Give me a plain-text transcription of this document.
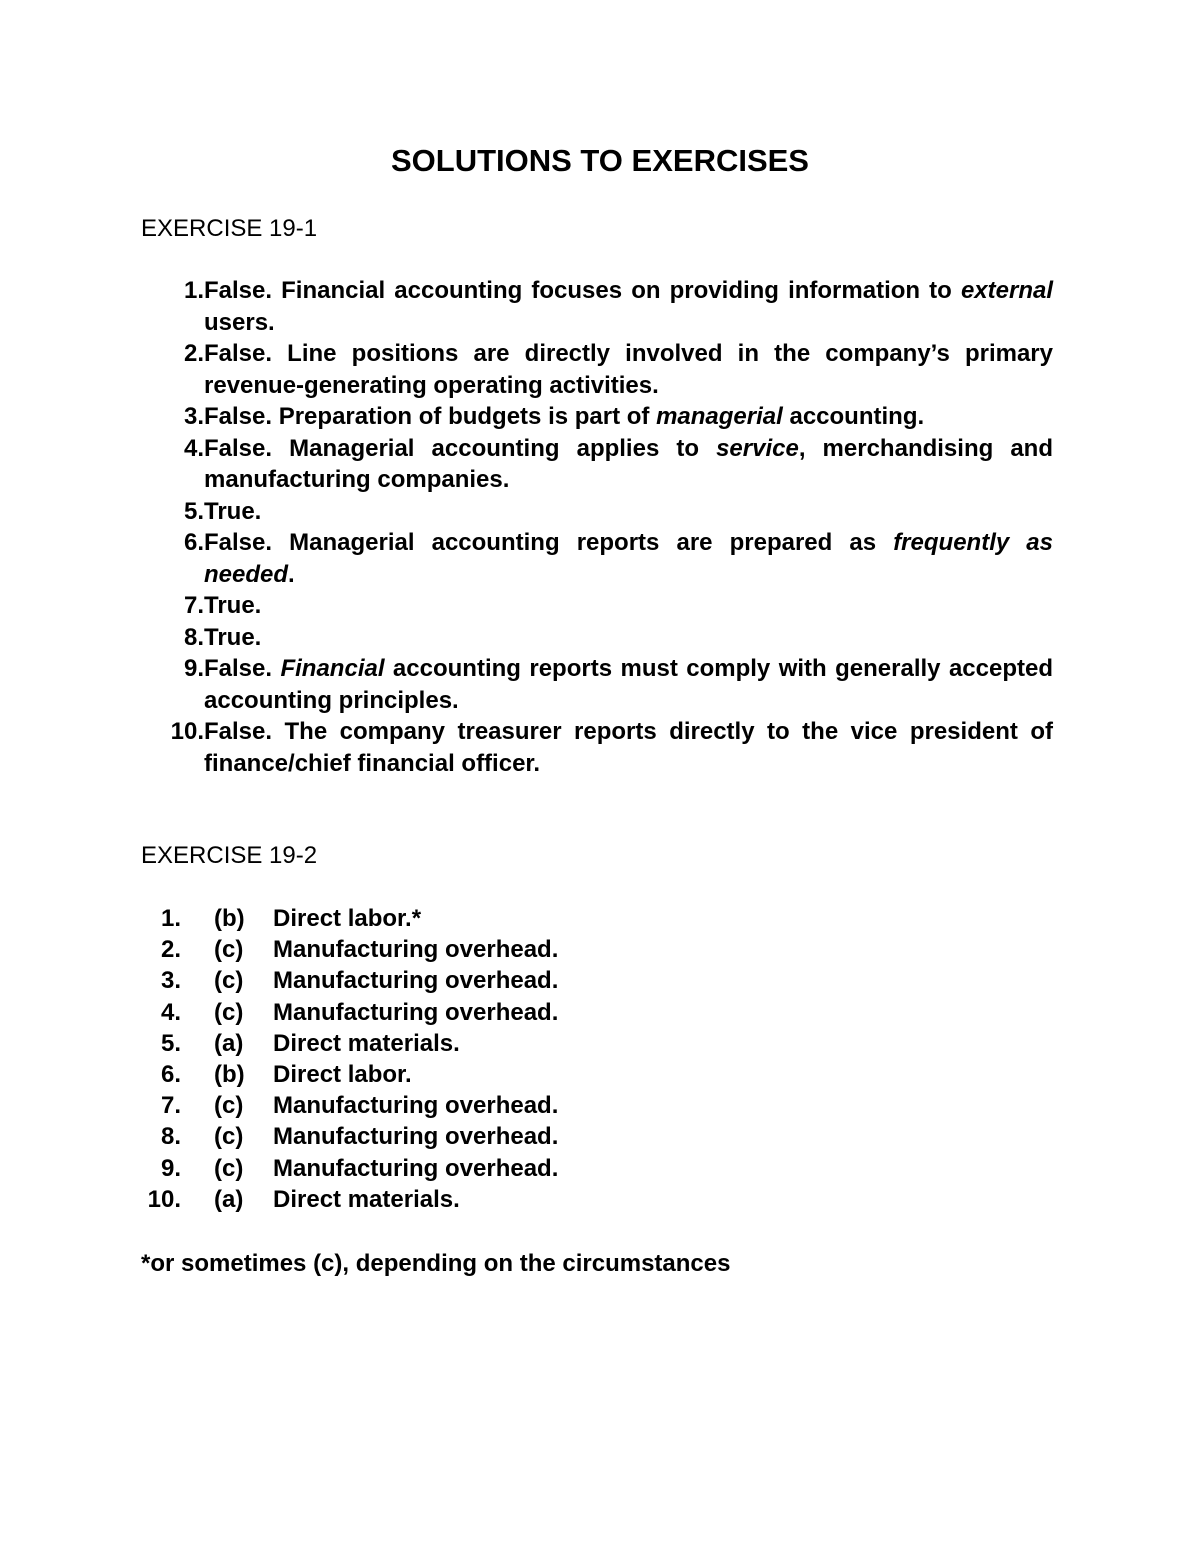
SOLUTIONS TO EXERCISES
EXERCISE 19-1
1. False. Financial accounting focuses on providing information to external users.
2. False. Line positions are directly involved in the company’s primary revenue-generating operating activities.
3. False. Preparation of budgets is part of managerial accounting.
4. False. Managerial accounting applies to service, merchandising and manufacturing companies.
5. True.
6. False. Managerial accounting reports are prepared as frequently as needed.
7. True.
8. True.
9. False. Financial accounting reports must comply with generally accepted accounting principles.
10. False. The company treasurer reports directly to the vice president of finance/chief financial officer.
EXERCISE 19-2
1.	(b)	Direct labor.*
2.	(c)	Manufacturing overhead.
3.	(c)	Manufacturing overhead.
4.	(c)	Manufacturing overhead.
5.	(a)	Direct materials.
6.	(b)	Direct labor.
7.	(c)	Manufacturing overhead.
8.	(c)	Manufacturing overhead.
9.	(c)	Manufacturing overhead.
10.	(a)	Direct materials.
*or sometimes (c), depending on the circumstances
